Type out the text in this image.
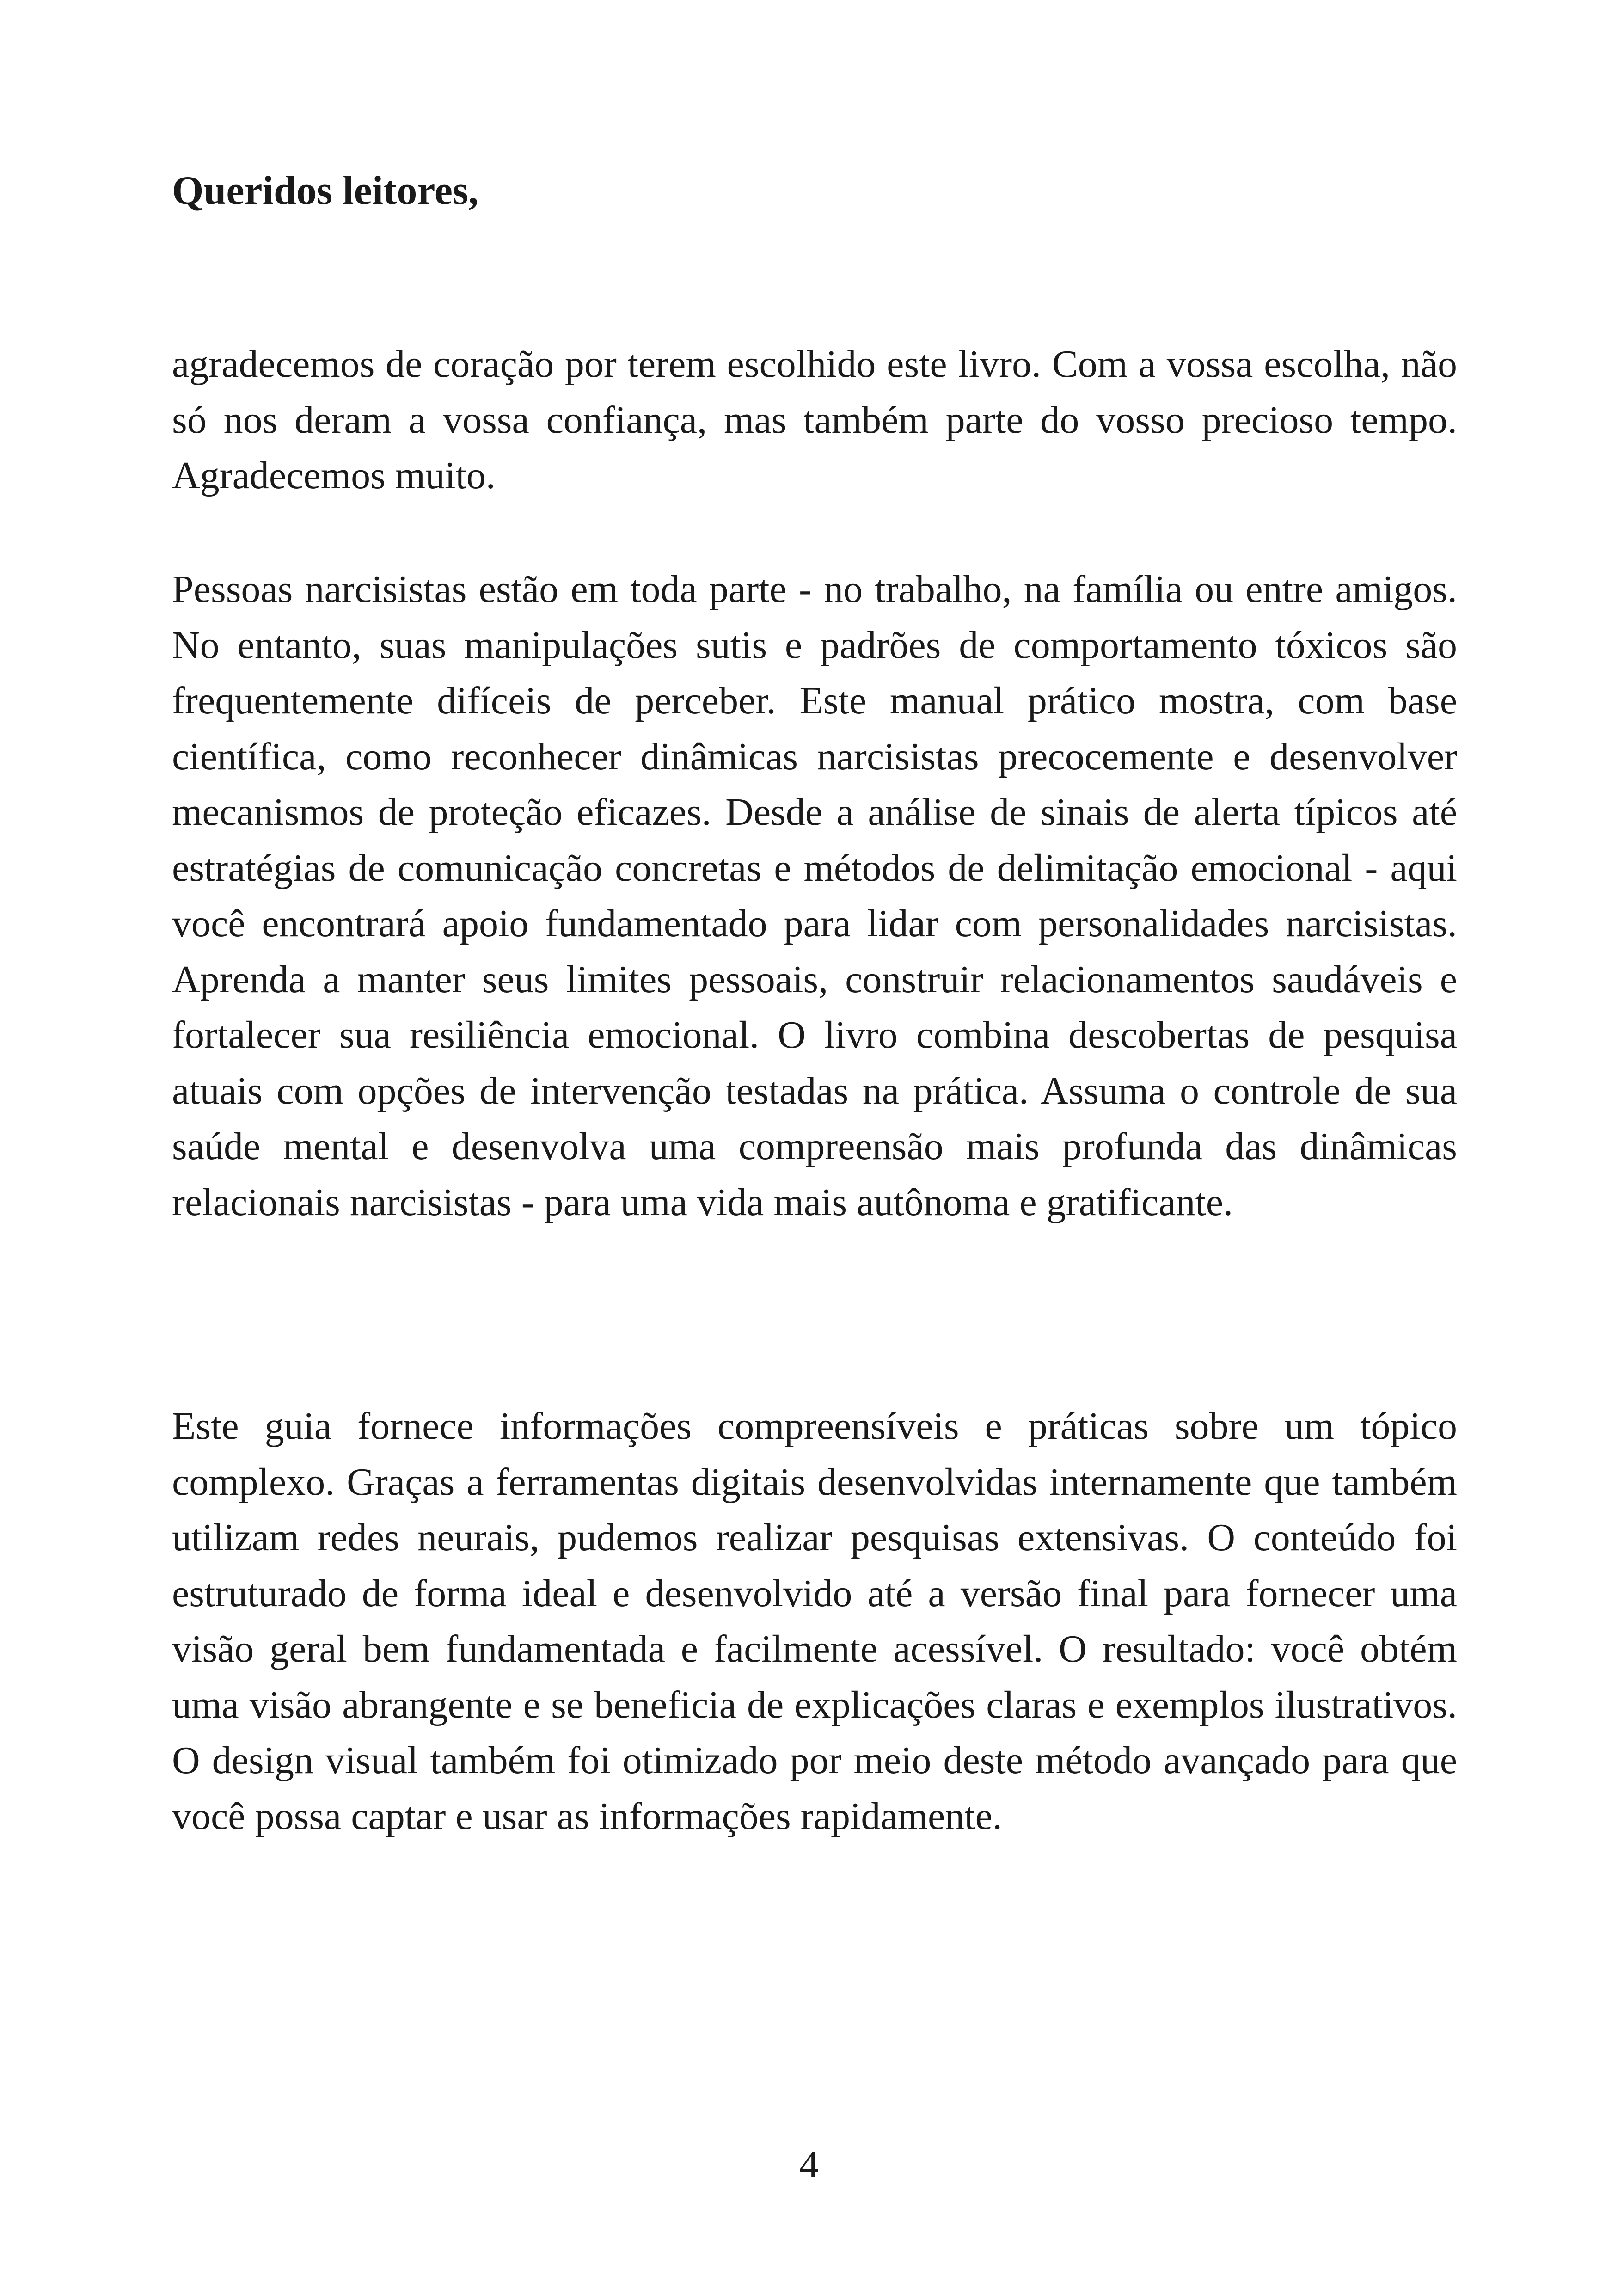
Queridos leitores,

agradecemos de coração por terem escolhido este livro. Com a vossa escolha, não só nos deram a vossa confiança, mas também parte do vosso precioso tempo. Agradecemos muito.

Pessoas narcisistas estão em toda parte - no trabalho, na família ou entre amigos. No entanto, suas manipulações sutis e padrões de comportamento tóxicos são frequentemente difíceis de perceber. Este manual prático mostra, com base científica, como reconhecer dinâmicas narcisistas precocemente e desenvolver mecanismos de proteção eficazes. Desde a análise de sinais de alerta típicos até estratégias de comunicação concretas e métodos de delimitação emocional - aqui você encontrará apoio fundamentado para lidar com personalidades narcisistas. Aprenda a manter seus limites pessoais, construir relacionamentos saudáveis e fortalecer sua resiliência emocional. O livro combina descobertas de pesquisa atuais com opções de intervenção testadas na prática. Assuma o controle de sua saúde mental e desenvolva uma compreensão mais profunda das dinâmicas relacionais narcisistas - para uma vida mais autônoma e gratificante.

Este guia fornece informações compreensíveis e práticas sobre um tópico complexo. Graças a ferramentas digitais desenvolvidas internamente que também utilizam redes neurais, pudemos realizar pesquisas extensivas. O conteúdo foi estruturado de forma ideal e desenvolvido até a versão final para fornecer uma visão geral bem fundamentada e facilmente acessível. O resultado: você obtém uma visão abrangente e se beneficia de explicações claras e exemplos ilustrativos. O design visual também foi otimizado por meio deste método avançado para que você possa captar e usar as informações rapidamente.

4
